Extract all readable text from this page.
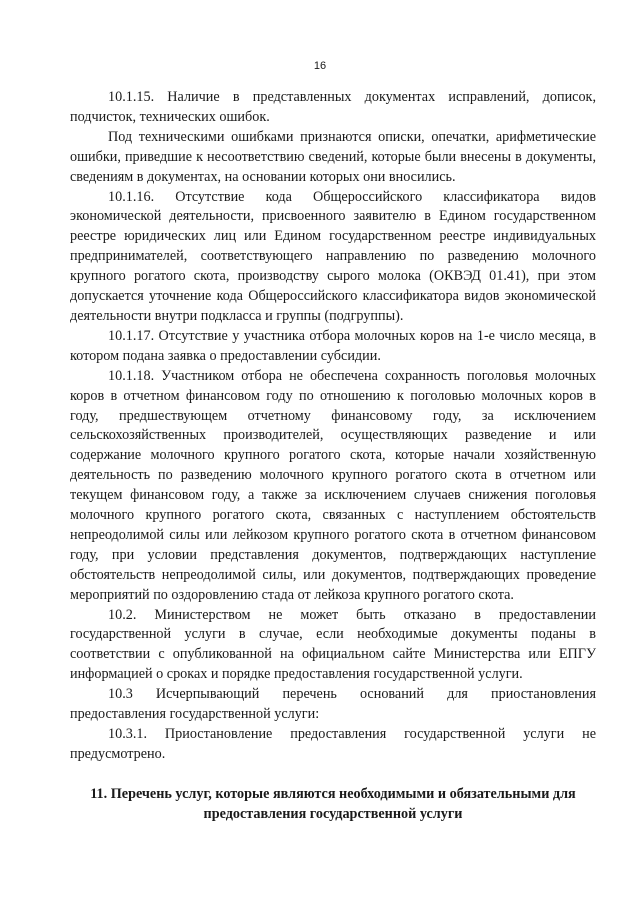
16

10.1.15. Наличие в представленных документах исправлений, дописок, подчисток, технических ошибок.

Под техническими ошибками признаются описки, опечатки, арифметические ошибки, приведшие к несоответствию сведений, которые были внесены в документы, сведениям в документах, на основании которых они вносились.

10.1.16. Отсутствие кода Общероссийского классификатора видов экономической деятельности, присвоенного заявителю в Едином государственном реестре юридических лиц или Едином государственном реестре индивидуальных предпринимателей, соответствующего направлению по разведению молочного крупного рогатого скота, производству сырого молока (ОКВЭД 01.41), при этом допускается уточнение кода Общероссийского классификатора видов экономической деятельности внутри подкласса и группы (подгруппы).

10.1.17. Отсутствие у участника отбора молочных коров на 1-е число месяца, в котором подана заявка о предоставлении субсидии.

10.1.18. Участником отбора не обеспечена сохранность поголовья молочных коров в отчетном финансовом году по отношению к поголовью молочных коров в году, предшествующем отчетному финансовому году, за исключением сельскохозяйственных производителей, осуществляющих разведение и или содержание молочного крупного рогатого скота, которые начали хозяйственную деятельность по разведению молочного крупного рогатого скота в отчетном или текущем финансовом году, а также за исключением случаев снижения поголовья молочного крупного рогатого скота, связанных с наступлением обстоятельств непреодолимой силы или лейкозом крупного рогатого скота в отчетном финансовом году, при условии представления документов, подтверждающих наступление обстоятельств непреодолимой силы, или документов, подтверждающих проведение мероприятий по оздоровлению стада от лейкоза крупного рогатого скота.

10.2. Министерством не может быть отказано в предоставлении государственной услуги в случае, если необходимые документы поданы в соответствии с опубликованной на официальном сайте Министерства или ЕПГУ информацией о сроках и порядке предоставления государственной услуги.

10.3 Исчерпывающий перечень оснований для приостановления предоставления государственной услуги:

10.3.1. Приостановление предоставления государственной услуги не предусмотрено.

11. Перечень услуг, которые являются необходимыми и обязательными для предоставления государственной услуги
